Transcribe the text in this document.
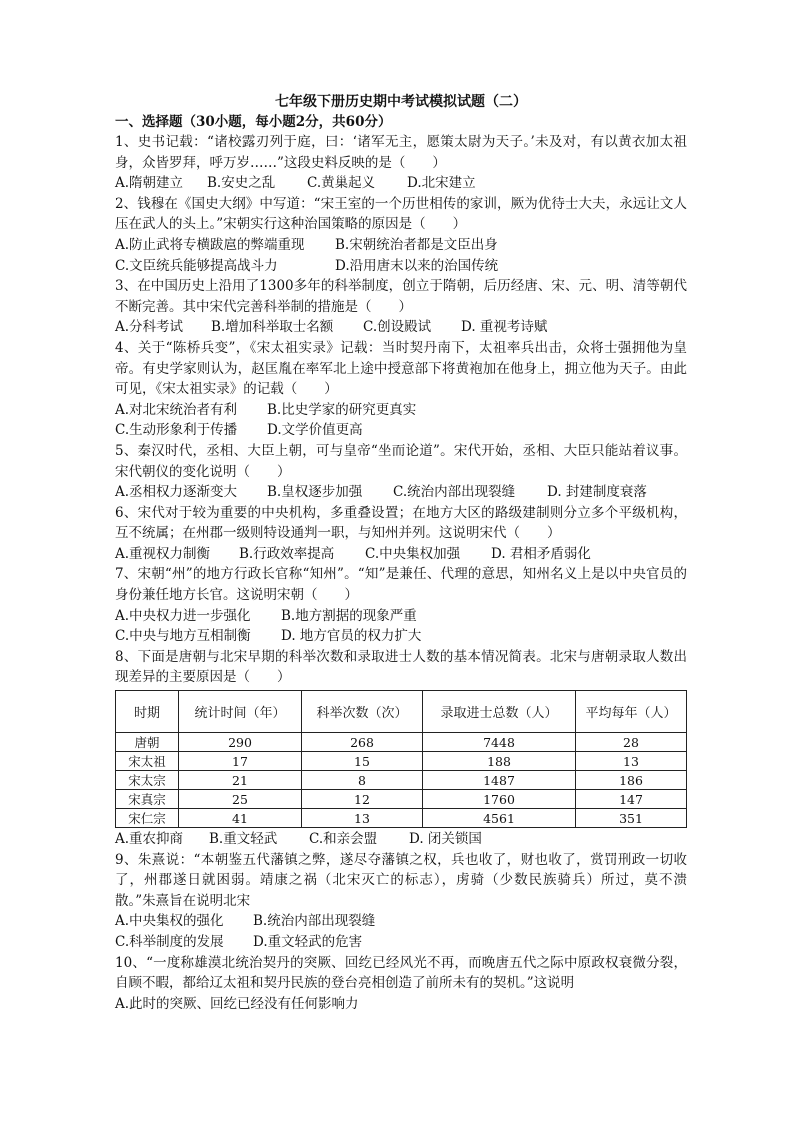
七年级下册历史期中考试模拟试题（二）

一、选择题（30小题，每小题2分，共60分）

1、史书记载：“诸校露刃列于庭，曰：‘诸军无主，愿策太尉为天子。’未及对，有以黄衣加太祖身，众皆罗拜，呼万岁……”这段史料反映的是（　　）

A.隋朝建立	B.安史之乱	C.黄巢起义	D.北宋建立

2、钱穆在《国史大纲》中写道：“宋王室的一个历世相传的家训，厥为优待士大夫，永远让文人压在武人的头上。”宋朝实行这种治国策略的原因是（　　）

A.防止武将专横跋扈的弊端重现	B.宋朝统治者都是文臣出身
C.文臣统兵能够提高战斗力	D.沿用唐末以来的治国传统

3、在中国历史上沿用了1300多年的科举制度，创立于隋朝，后历经唐、宋、元、明、清等朝代不断完善。其中宋代完善科举制的措施是（　　）

A.分科考试	B.增加科举取士名额	C.创设殿试	D. 重视考诗赋

4、关于“陈桥兵变”，《宋太祖实录》记载：当时契丹南下，太祖率兵出击，众将士强拥他为皇帝。有史学家则认为，赵匡胤在率军北上途中授意部下将黄袍加在他身上，拥立他为天子。由此可见，《宋太祖实录》的记载（　　）

A.对北宋统治者有利	B.比史学家的研究更真实
C.生动形象利于传播	D.文学价值更高

5、秦汉时代，丞相、大臣上朝，可与皇帝“坐而论道”。宋代开始，丞相、大臣只能站着议事。宋代朝仪的变化说明（　　）

A.丞相权力逐渐变大	B.皇权逐步加强	C.统治内部出现裂缝	D. 封建制度衰落

6、宋代对于较为重要的中央机构，多重叠设置；在地方大区的路级建制则分立多个平级机构，互不统属；在州郡一级则特设通判一职，与知州并列。这说明宋代（　　）

A.重视权力制衡	B.行政效率提高	C.中央集权加强	D. 君相矛盾弱化

7、宋朝“州”的地方行政长官称“知州”。“知”是兼任、代理的意思，知州名义上是以中央官员的身份兼任地方长官。这说明宋朝（　　）

A.中央权力进一步强化	B.地方割据的现象严重
C.中央与地方互相制衡	D. 地方官员的权力扩大

8、下面是唐朝与北宋早期的科举次数和录取进士人数的基本情况简表。北宋与唐朝录取人数出现差异的主要原因是（　　）

时期	统计时间（年）	科举次数（次）	录取进士总数（人）	平均每年（人）
唐朝	290	268	7448	28
宋太祖	17	15	188	13
宋太宗	21	8	1487	186
宋真宗	25	12	1760	147
宋仁宗	41	13	4561	351
A.重农抑商	B.重文轻武	C.和亲会盟	D. 闭关锁国

9、朱熹说：“本朝鉴五代藩镇之弊，遂尽夺藩镇之权，兵也收了，财也收了，赏罚刑政一切收了，州郡遂日就困弱。靖康之祸（北宋灭亡的标志），虏骑（少数民族骑兵）所过，莫不溃散。”朱熹旨在说明北宋

A.中央集权的强化	B.统治内部出现裂缝
C.科举制度的发展	D.重文轻武的危害

10、“一度称雄漠北统治契丹的突厥、回纥已经风光不再，而晚唐五代之际中原政权衰微分裂，自顾不暇，都给辽太祖和契丹民族的登台亮相创造了前所未有的契机。”这说明

A.此时的突厥、回纥已经没有任何影响力
